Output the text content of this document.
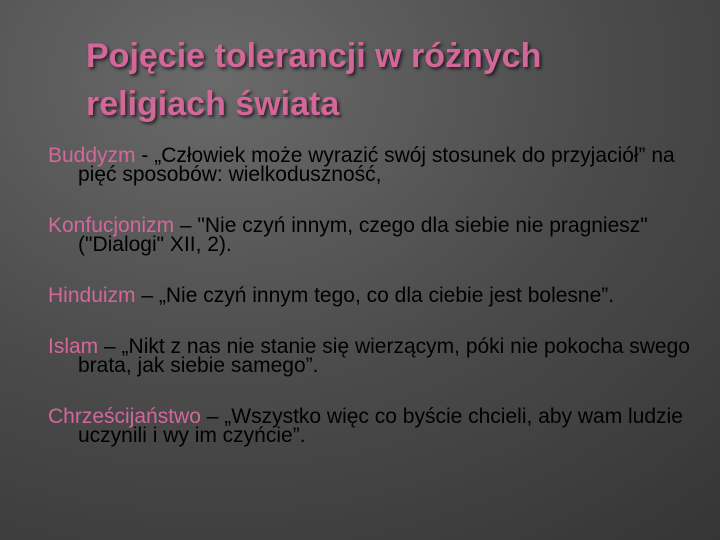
Pojęcie tolerancji w różnych religiach świata

Buddyzm - „Człowiek może wyrazić swój stosunek do przyjaciół” na pięć sposobów: wielkoduszność,

Konfucjonizm – "Nie czyń innym, czego dla siebie nie pragniesz" ("Dialogi" XII, 2).

Hinduizm – „Nie czyń innym tego, co dla ciebie jest bolesne”.

Islam – „Nikt z nas nie stanie się wierzącym, póki nie pokocha swego brata, jak siebie samego”.

Chrześcijaństwo – „Wszystko więc co byście chcieli, aby wam ludzie uczynili i wy im czyńcie”.
